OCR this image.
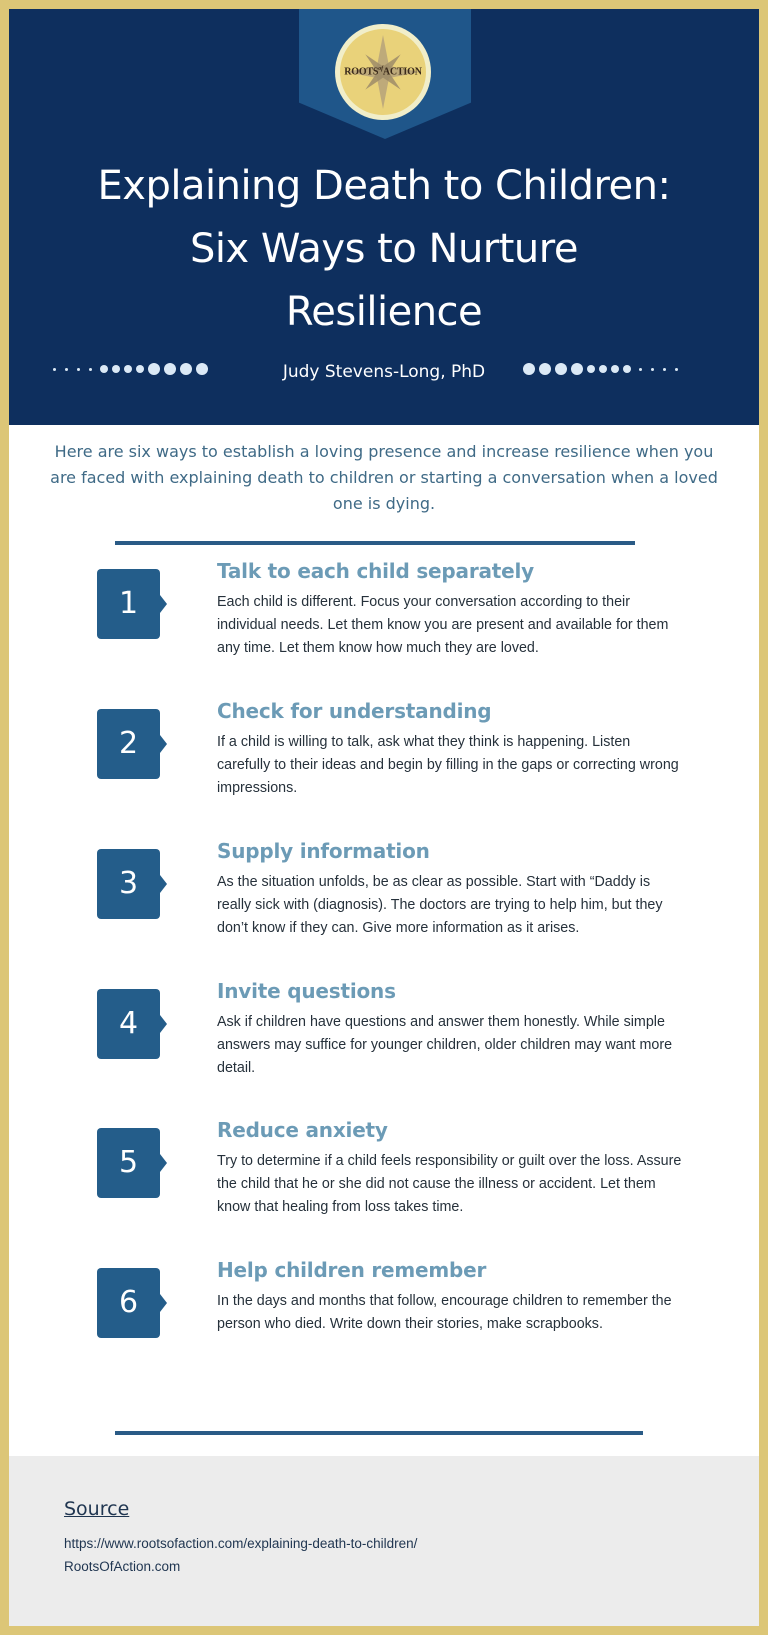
$ROOTS^{of}ACTION$
Explaining Death to Children:
Six Ways to Nurture
Resilience
Judy Stevens-Long, PhD
Here are six ways to establish a loving presence and increase resilience when you are faced with explaining death to children or starting a conversation when a loved one is dying.
1
Talk to each child separately
Each child is different. Focus your conversation according to their individual needs. Let them know you are present and available for them any time. Let them know how much they are loved.
2
Check for understanding
If a child is willing to talk, ask what they think is happening. Listen carefully to their ideas and begin by filling in the gaps or correcting wrong impressions.
3
Supply information
As the situation unfolds, be as clear as possible. Start with “Daddy is really sick with (diagnosis). The doctors are trying to help him, but they don’t know if they can. Give more information as it arises.
4
Invite questions
Ask if children have questions and answer them honestly. While simple answers may suffice for younger children, older children may want more detail.
5
Reduce anxiety
Try to determine if a child feels responsibility or guilt over the loss. Assure the child that he or she did not cause the illness or accident. Let them know that healing from loss takes time.
6
Help children remember
In the days and months that follow, encourage children to remember the person who died. Write down their stories, make scrapbooks.
Source
https://www.rootsofaction.com/explaining-death-to-children/
RootsOfAction.com
